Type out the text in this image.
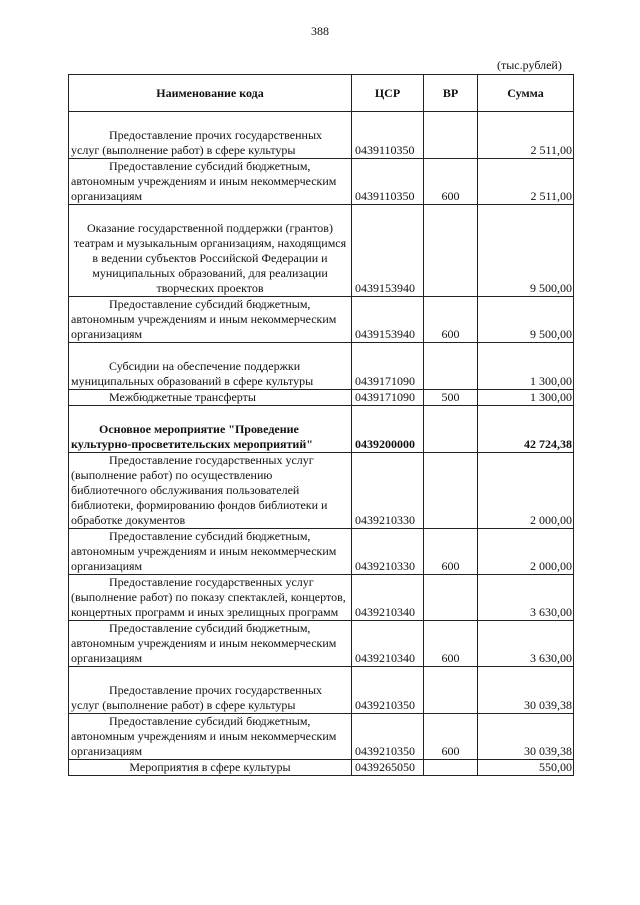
388
(тыс.рублей)
Наименование кода	ЦСР	ВР	Сумма

Предоставление прочих государственных услуг (выполнение работ) в сфере культуры	0439110350		2 511,00
Предоставление субсидий бюджетным, автономным учреждениям и иным некоммерческим организациям	0439110350	600	2 511,00

Оказание государственной поддержки (грантов) театрам и музыкальным организациям, находящимся в ведении субъектов Российской Федерации и муниципальных образований, для реализации творческих проектов	0439153940		9 500,00
Предоставление субсидий бюджетным, автономным учреждениям и иным некоммерческим организациям	0439153940	600	9 500,00

Субсидии на обеспечение поддержки муниципальных образований в сфере культуры	0439171090		1 300,00
Межбюджетные трансферты	0439171090	500	1 300,00

Основное мероприятие "Проведение культурно-просветительских мероприятий"	0439200000		42 724,38
Предоставление государственных услуг (выполнение работ) по осуществлению библиотечного обслуживания пользователей библиотеки, формированию фондов библиотеки и обработке документов	0439210330		2 000,00
Предоставление субсидий бюджетным, автономным учреждениям и иным некоммерческим организациям	0439210330	600	2 000,00
Предоставление государственных услуг (выполнение работ) по показу спектаклей, концертов, концертных программ и иных зрелищных программ	0439210340		3 630,00
Предоставление субсидий бюджетным, автономным учреждениям и иным некоммерческим организациям	0439210340	600	3 630,00

Предоставление прочих государственных услуг (выполнение работ) в сфере культуры	0439210350		30 039,38
Предоставление субсидий бюджетным, автономным учреждениям и иным некоммерческим организациям	0439210350	600	30 039,38
Мероприятия в сфере культуры	0439265050		550,00
